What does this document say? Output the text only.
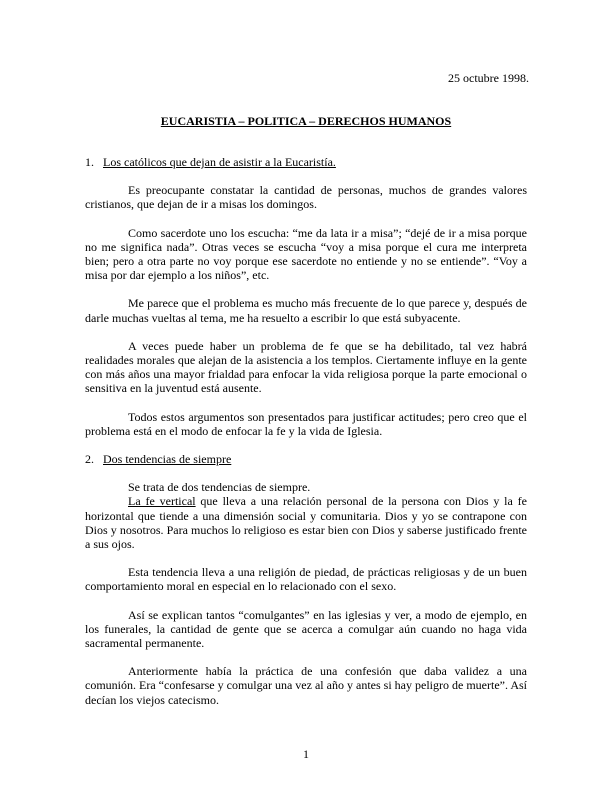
25 octubre 1998.
EUCARISTIA – POLITICA – DERECHOS HUMANOS
1. Los católicos que dejan de asistir a la Eucaristía.

Es preocupante constatar la cantidad de personas, muchos de grandes valores cristianos, que dejan de ir a misas los domingos.

Como sacerdote uno los escucha: “me da lata ir a misa”; “dejé de ir a misa porque no me significa nada”. Otras veces se escucha “voy a misa porque el cura me interpreta bien; pero a otra parte no voy porque ese sacerdote no entiende y no se entiende”. “Voy a misa por dar ejemplo a los niños”, etc.

Me parece que el problema es mucho más frecuente de lo que parece y, después de darle muchas vueltas al tema, me ha resuelto a escribir lo que está subyacente.

A veces puede haber un problema de fe que se ha debilitado, tal vez habrá realidades morales que alejan de la asistencia a los templos. Ciertamente influye en la gente con más años una mayor frialdad para enfocar la vida religiosa porque la parte emocional o sensitiva en la juventud está ausente.

Todos estos argumentos son presentados para justificar actitudes; pero creo que el problema está en el modo de enfocar la fe y la vida de Iglesia.

2. Dos tendencias de siempre

Se trata de dos tendencias de siempre.

La fe vertical que lleva a una relación personal de la persona con Dios y la fe horizontal que tiende a una dimensión social y comunitaria. Dios y yo se contrapone con Dios y nosotros. Para muchos lo religioso es estar bien con Dios y saberse justificado frente a sus ojos.

Esta tendencia lleva a una religión de piedad, de prácticas religiosas y de un buen comportamiento moral en especial en lo relacionado con el sexo.

Así se explican tantos “comulgantes” en las iglesias y ver, a modo de ejemplo, en los funerales, la cantidad de gente que se acerca a comulgar aún cuando no haga vida sacramental permanente.

Anteriormente había la práctica de una confesión que daba validez a una comunión. Era “confesarse y comulgar una vez al año y antes si hay peligro de muerte”. Así decían los viejos catecismo.

1
